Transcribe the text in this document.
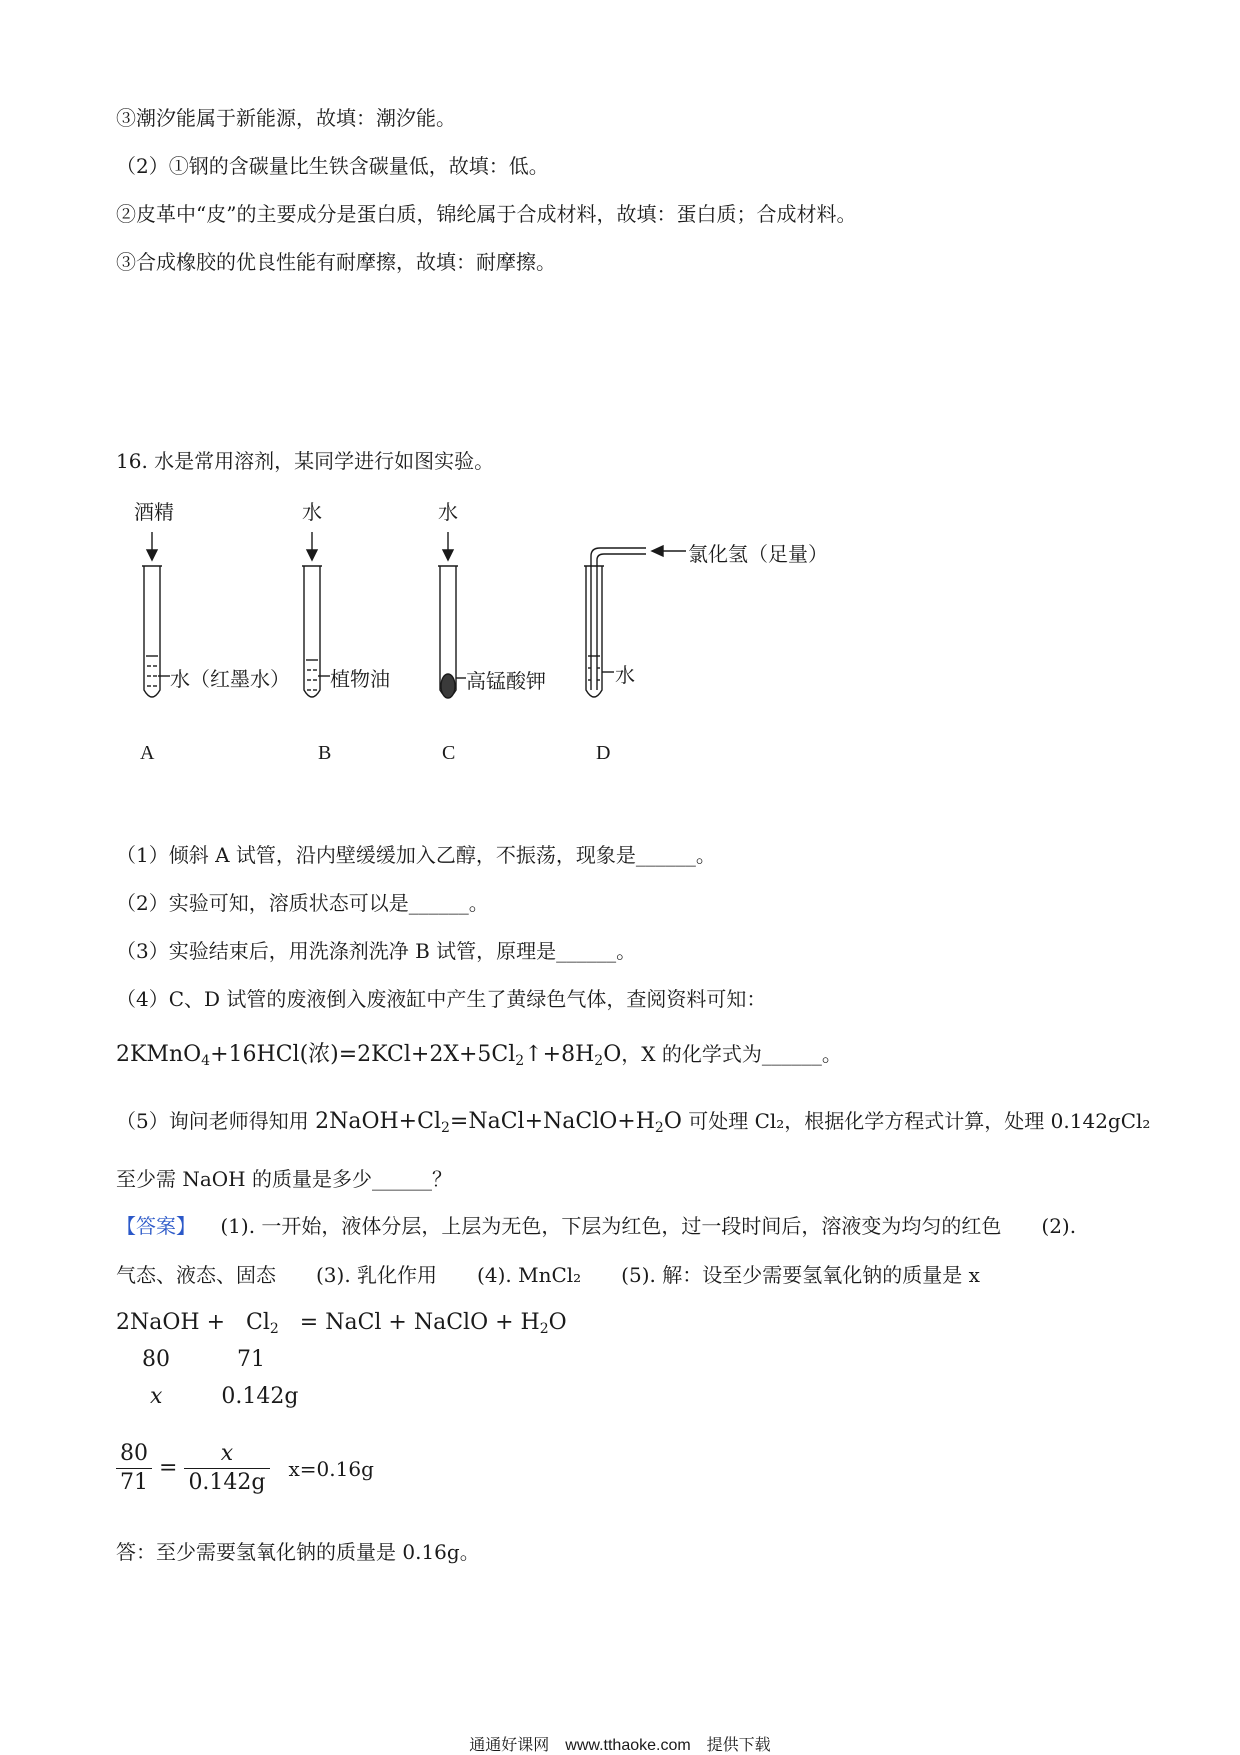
③潮汐能属于新能源，故填：潮汐能。
（2）①钢的含碳量比生铁含碳量低，故填：低。
②皮革中“皮”的主要成分是蛋白质，锦纶属于合成材料，故填：蛋白质；合成材料。
③合成橡胶的优良性能有耐摩擦，故填：耐摩擦。
16. 水是常用溶剂，某同学进行如图实验。
酒精
水（红墨水）
水
植物油
水
高锰酸钾
氯化氢（足量）
水
A	B	C	D
（1）倾斜 A 试管，沿内壁缓缓加入乙醇，不振荡，现象是______。
（2）实验可知，溶质状态可以是______。
（3）实验结束后，用洗涤剂洗净 B 试管，原理是______。
（4）C、D 试管的废液倒入废液缸中产生了黄绿色气体，查阅资料可知：
2KMnO$_4$+16HCl(浓)$=2KCl+2X+5Cl_2↑+8H_2O$，X 的化学式为______。
（5）询问老师得知用 $2NaOH+Cl_2=NaCl+NaClO+H_2O$ 可处理 Cl₂，根据化学方程式计算，处理 0.142gCl₂
至少需 NaOH 的质量是多少______？
【答案】 (1). 一开始，液体分层，上层为无色，下层为红色，过一段时间后，溶液变为均匀的红色　　(2).
气态、液态、固态　　(3). 乳化作用　　(4). MnCl₂　　(5). 解：设至少需要氢氧化钠的质量是 x
2NaOH +   $Cl_2$   = NaCl + NaClO + $H_2O$
80	71
x	0.142g
$\frac{80}{71} = \frac{x}{0.142g} x=0.16g$
答：至少需要氢氧化钠的质量是 0.16g。
通通好课网　www.tthaoke.com　提供下载
